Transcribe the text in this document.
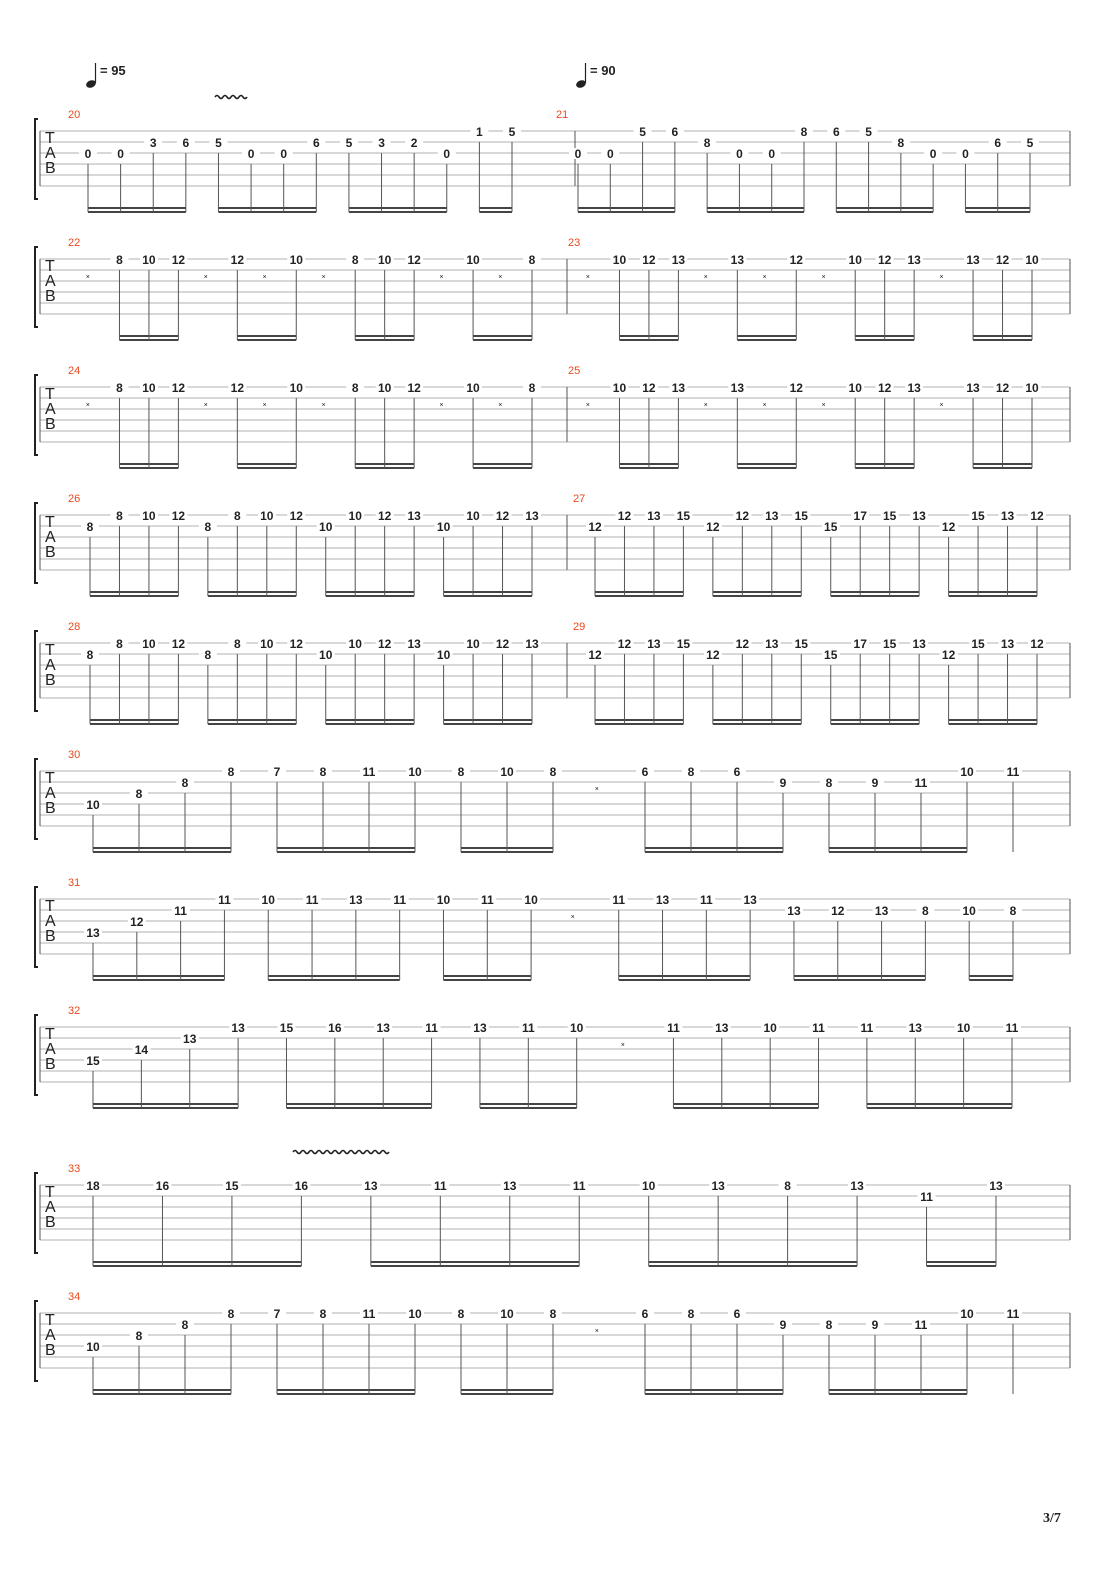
= 95	= 90
T
A
B
20
0 0
3 6 5
0 0
6 5 3 2
0
1 5
21
0 0
5 6
8
0 0
8 6 5
8
0 0
6 5
T
A
B
22
𝅃
8 10 12
𝅃
12
𝅃
10
𝅃
8 10 12
𝅃
10
𝅃
8
23
𝅃
10 12 13
𝅃
13
𝅃
12
𝅃
10 12 13
𝅃
13 12 10
T
A
B
24
𝅃
8 10 12
𝅃
12
𝅃
10
𝅃
8 10 12
𝅃
10
𝅃
8
25
𝅃
10 12 13
𝅃
13
𝅃
12
𝅃
10 12 13
𝅃
13 12 10
T
A
B
26
8
8 10 12
8
8 10 12
10
10 12 13
10
10 12 13
27
12
12 13 15
12
12 13 15
15
17 15 13
12
15 13 12
T
A
B
28
8
8 10 12
8
8 10 12
10
10 12 13
10
10 12 13
29
12
12 13 15
12
12 13 15
15
17 15 13
12
15 13 12
T
A
B
30
10
8
8
8	7	8	11	10	8	10	8
𝅃
6	8	6
9	8	9	11
10	11
T
A
B
31
13
12
11
11	10	11	13	11	10	11	10
𝅃
11	13	11	13
13	12	13	8	10	8
T
A
B
32
15
14
13
13	15	16	13	11	13	11	10
𝅃
11	13	10	11	11	13	10	11
T
A
B
33
18	16	15	16	13	11	13	11	10	13	8	13
11
13
T
A
B
34
10
8
8
8	7	8	11	10	8	10	8
𝅃
6	8	6
9	8	9	11
10	11
3/7
